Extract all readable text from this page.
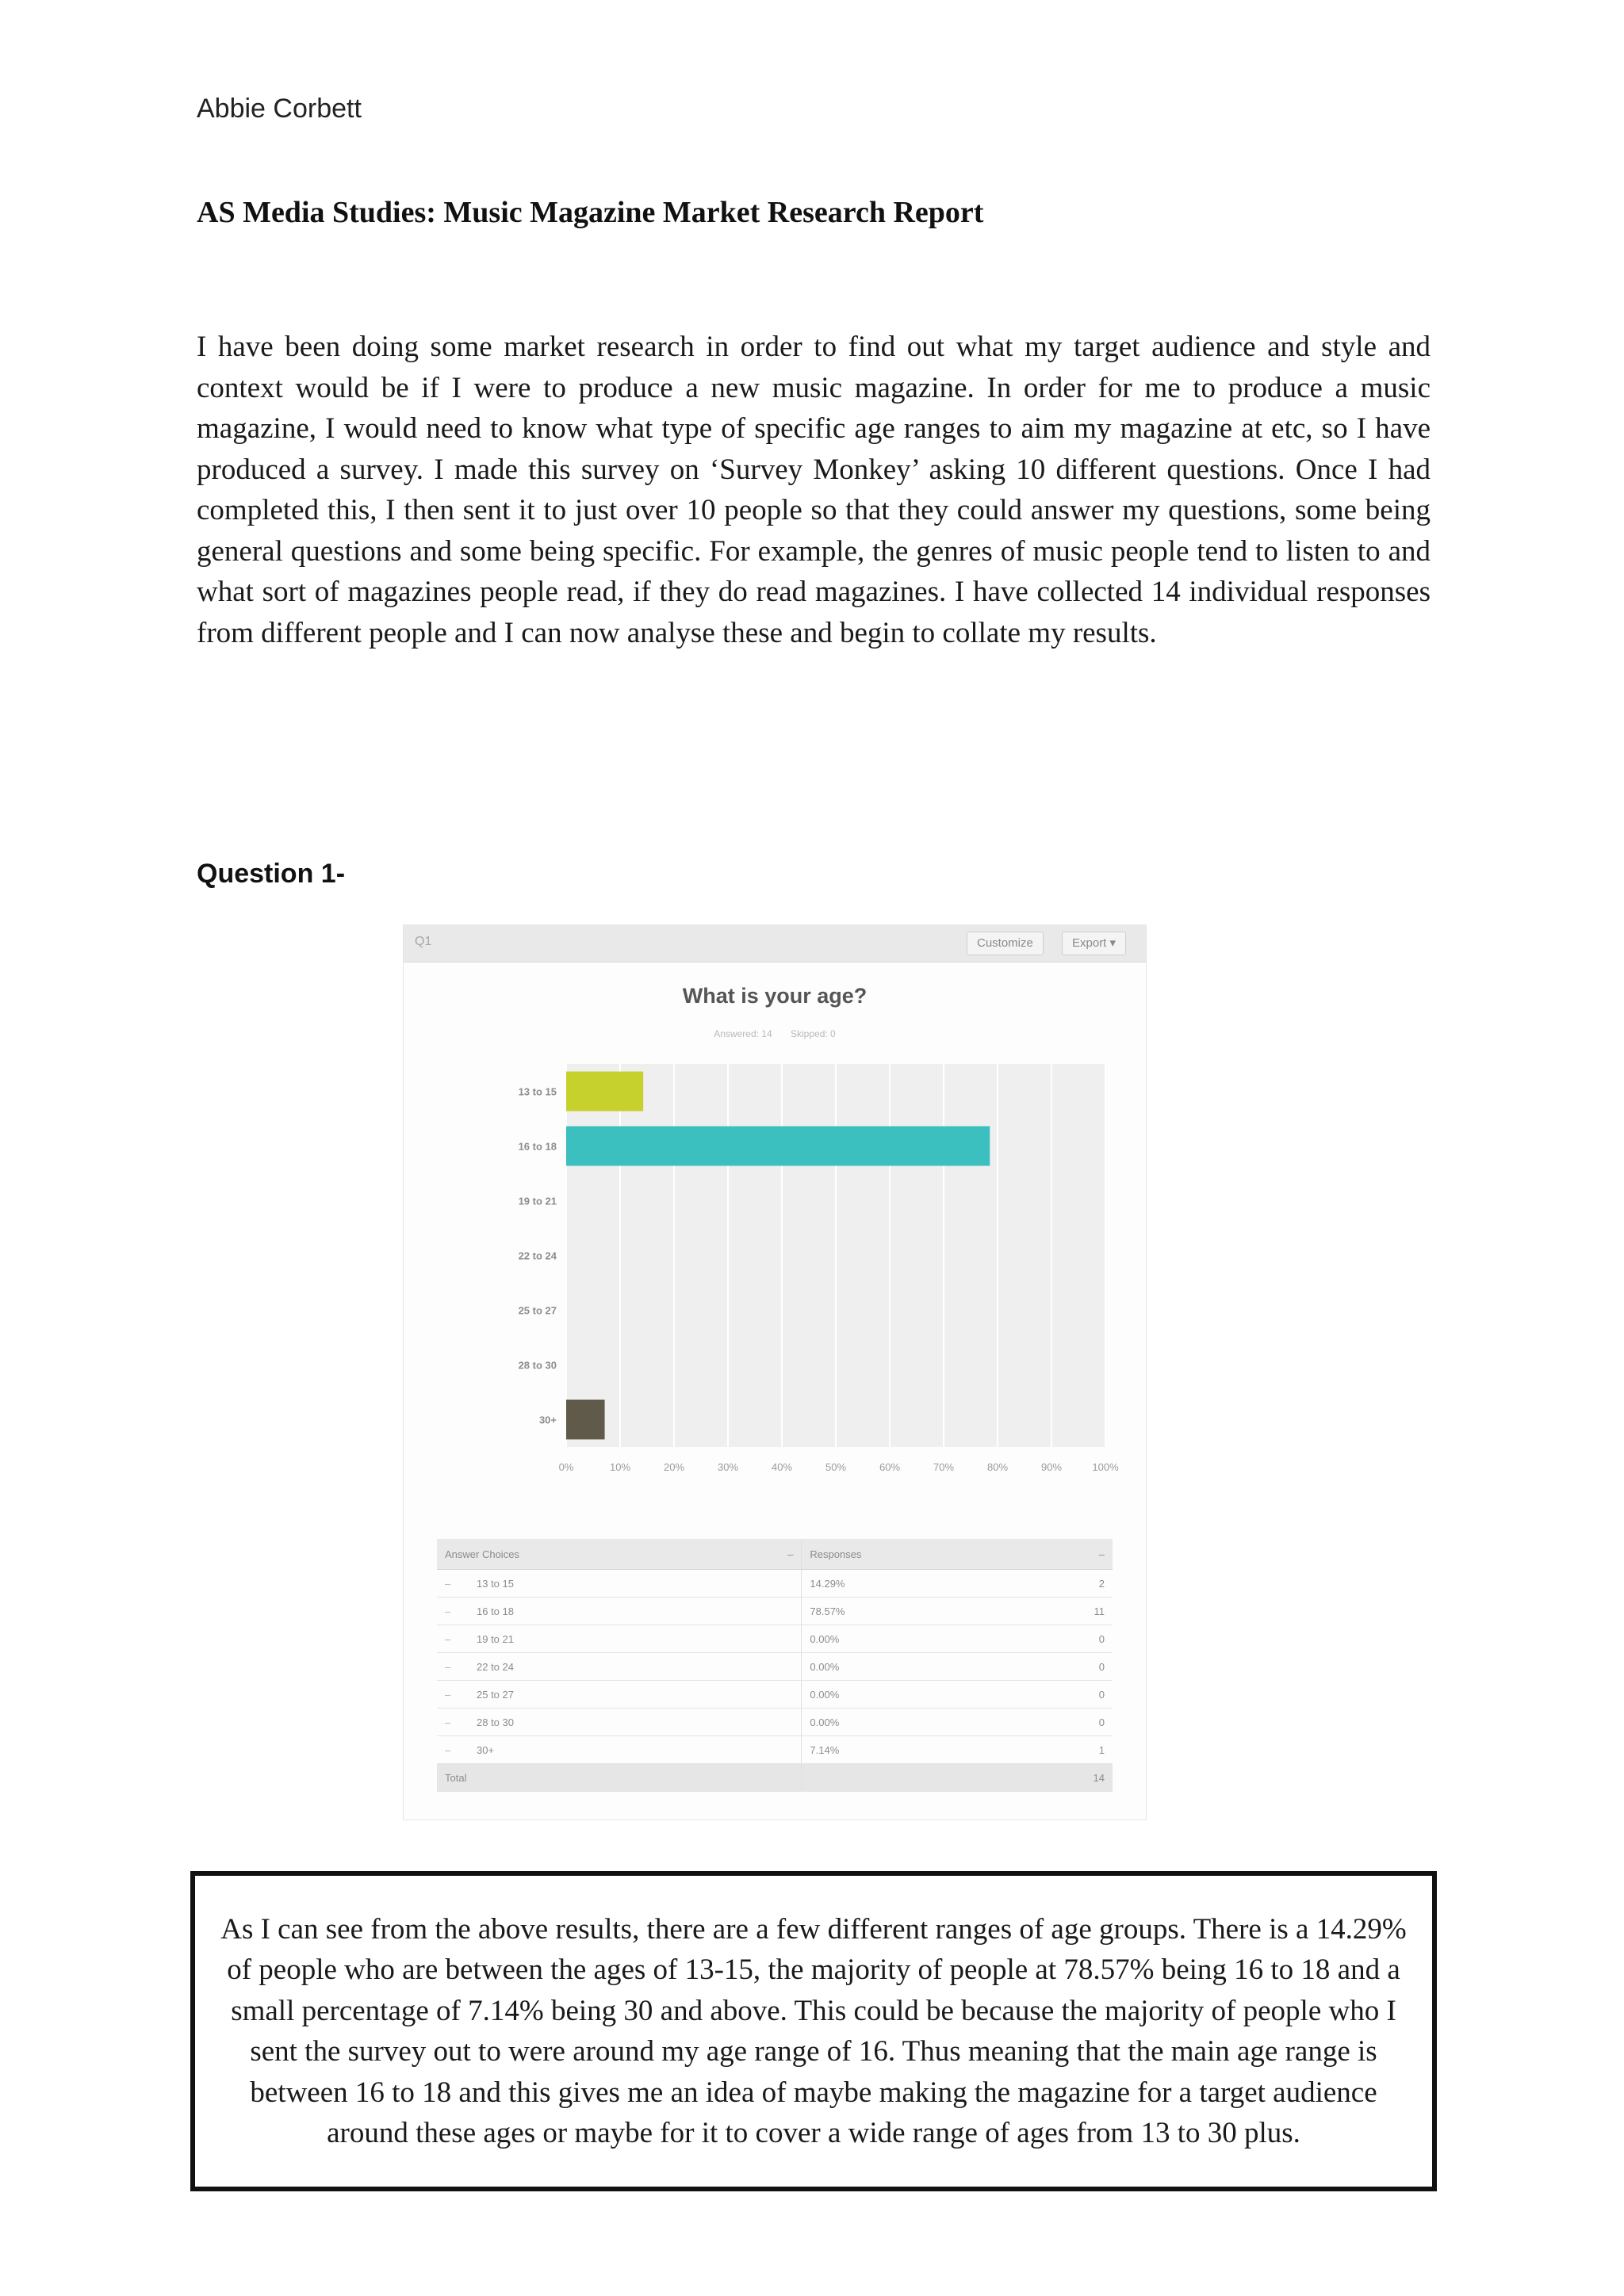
Abbie Corbett
AS Media Studies: Music Magazine Market Research Report

I have been doing some market research in order to find out what my target audience and style and context would be if I were to produce a new music magazine. In order for me to produce a music magazine, I would need to know what type of specific age ranges to aim my magazine at etc, so I have produced a survey. I made this survey on ‘Survey Monkey’ asking 10 different questions. Once I had completed this, I then sent it to just over 10 people so that they could answer my questions, some being general questions and some being specific. For example, the genres of music people tend to listen to and what sort of magazines people read, if they do read magazines. I have collected 14 individual responses from different people and I can now analyse these and begin to collate my results.

Question 1-
Q1	Customize	Export ▾
What is your age?
Answered: 14 Skipped: 0
0%	10%	20%	30%	40%	50%	60%	70%	80%	90%	100%
13 to 15
16 to 18
19 to 21
22 to 24
25 to 27
28 to 30
30+
Answer Choices –		Responses –	

–	13 to 15	14.29%	2
–	16 to 18	78.57%	11
–	19 to 21	0.00%	0
–	22 to 24	0.00%	0
–	25 to 27	0.00%	0
–	28 to 30	0.00%	0
–	30+	7.14%	1
Total			14

As I can see from the above results, there are a few different ranges of age groups. There is a 14.29% of people who are between the ages of 13-15, the majority of people at 78.57% being 16 to 18 and a small percentage of 7.14% being 30 and above. This could be because the majority of people who I sent the survey out to were around my age range of 16. Thus meaning that the main age range is between 16 to 18 and this gives me an idea of maybe making the magazine for a target audience around these ages or maybe for it to cover a wide range of ages from 13 to 30 plus.
